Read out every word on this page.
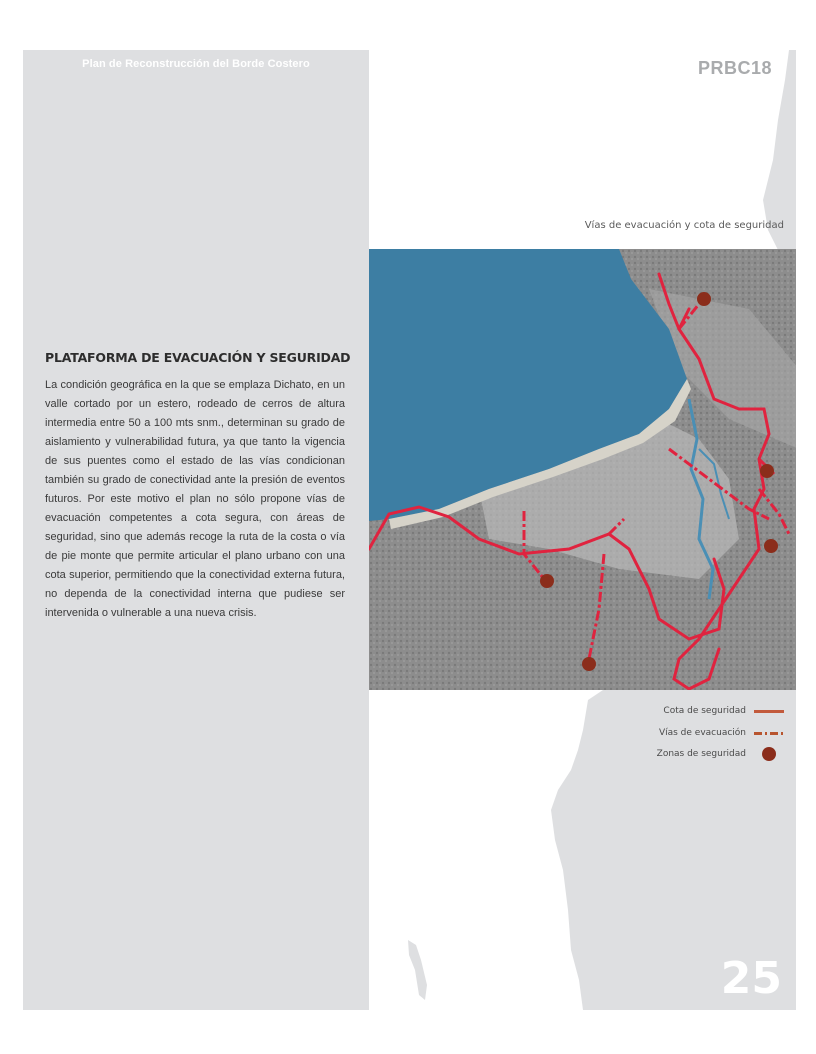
Plan de Reconstrucción del Borde Costero	PRBC18
Vías de evacuación y cota de seguridad
PLATAFORMA DE EVACUACIÓN Y SEGURIDAD
La condición geográfica en la que se emplaza Dichato, en un valle cortado por un estero, rodeado de cerros de altura intermedia entre 50 a 100 mts snm., determinan su grado de aislamiento y vulnerabilidad futura, ya que tanto la vigencia de sus puentes como el estado de las vías condicionan también su grado de conectividad ante la presión de eventos futuros. Por este motivo el plan no sólo propone vías de evacuación competentes a cota segura, con áreas de seguridad, sino que además recoge la ruta de la costa o vía de pie monte que permite articular el plano urbano con una cota superior, permitiendo que la conectividad externa futura, no dependa de la conectividad interna que pudiese ser intervenida o vulnerable a una nueva crisis.
Cota de seguridad
Vías de evacuación
Zonas de seguridad
25
